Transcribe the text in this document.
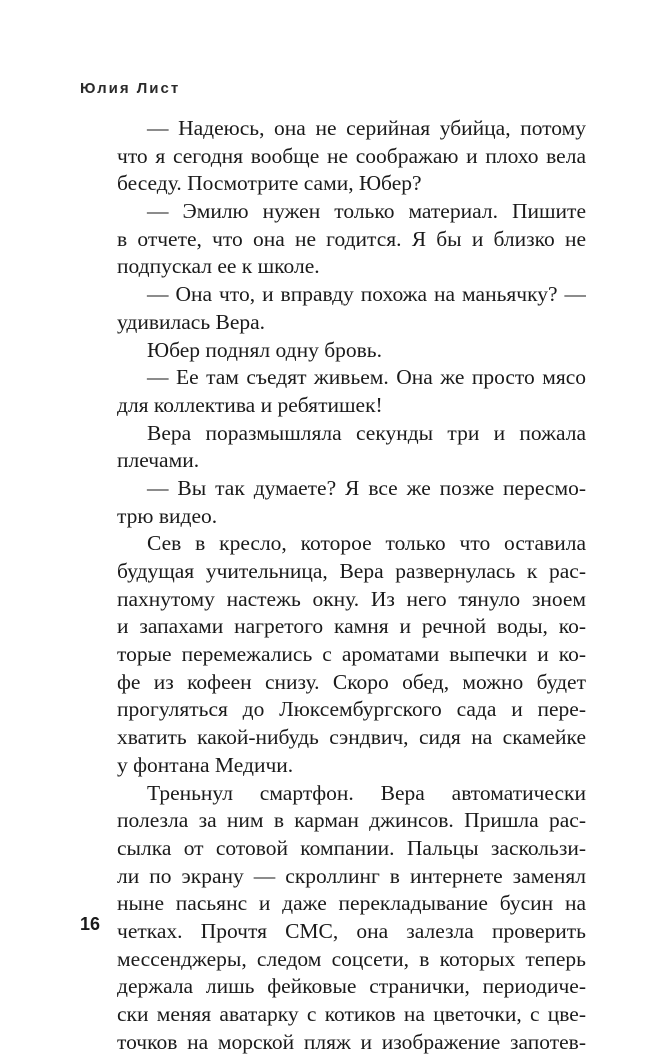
Юлия Лист
— Надеюсь, она не серийная убийца, потому
что я сегодня вообще не соображаю и плохо вела
беседу. Посмотрите сами, Юбер?
— Эмилю нужен только материал. Пишите
в отчете, что она не годится. Я бы и близко не
подпускал ее к школе.
— Она что, и вправду похожа на маньячку? —
удивилась Вера.
Юбер поднял одну бровь.
— Ее там съедят живьем. Она же просто мясо
для коллектива и ребятишек!
Вера поразмышляла секунды три и пожала
плечами.
— Вы так думаете? Я все же позже пересмо-
трю видео.
Сев в кресло, которое только что оставила
будущая учительница, Вера развернулась к рас-
пахнутому настежь окну. Из него тянуло зноем
и запахами нагретого камня и речной воды, ко-
торые перемежались с ароматами выпечки и ко-
фе из кофеен снизу. Скоро обед, можно будет
прогуляться до Люксембургского сада и пере-
хватить какой-нибудь сэндвич, сидя на скамейке
у фонтана Медичи.
Треньнул смартфон. Вера автоматически
полезла за ним в карман джинсов. Пришла рас-
сылка от сотовой компании. Пальцы заскользи-
ли по экрану — скроллинг в интернете заменял
ныне пасьянс и даже перекладывание бусин на
четках. Прочтя СМС, она залезла проверить
мессенджеры, следом соцсети, в которых теперь
держала лишь фейковые странички, периодиче-
ски меняя аватарку с котиков на цветочки, с цве-
точков на морской пляж и изображение запотев-
16
